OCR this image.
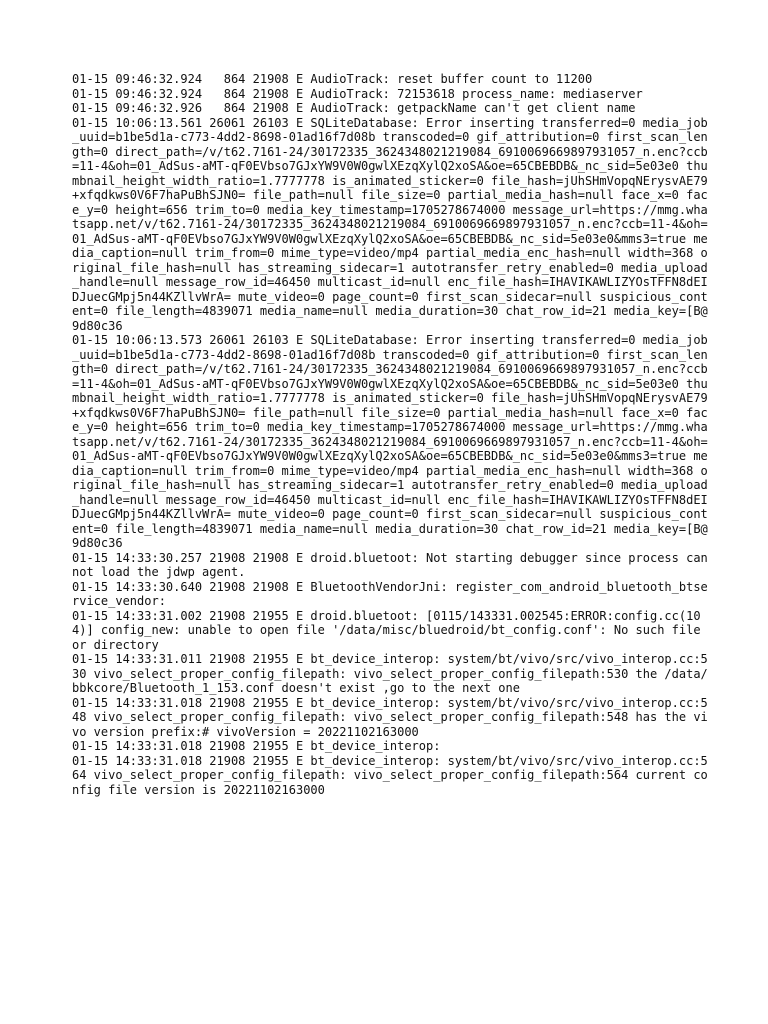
01-15 09:46:32.924   864 21908 E AudioTrack: reset buffer count to 11200

01-15 09:46:32.924   864 21908 E AudioTrack: 72153618 process_name: mediaserver

01-15 09:46:32.926   864 21908 E AudioTrack: getpackName can't get client name

01-15 10:06:13.561 26061 26103 E SQLiteDatabase: Error inserting transferred=0 media_job_uuid=b1be5d1a-c773-4dd2-8698-01ad16f7d08b transcoded=0 gif_attribution=0 first_scan_length=0 direct_path=/v/t62.7161-24/30172335_3624348021219084_6910069669897931057_n.enc?ccb=11-4&oh=01_AdSus-aMT-qF0EVbso7GJxYW9V0W0gwlXEzqXylQ2xoSA&oe=65CBEBDB&_nc_sid=5e03e0 thumbnail_height_width_ratio=1.7777778 is_animated_sticker=0 file_hash=jUhSHmVopqNErysvAE79+xfqdkws0V6F7haPuBhSJN0= file_path=null file_size=0 partial_media_hash=null face_x=0 face_y=0 height=656 trim_to=0 media_key_timestamp=1705278674000 message_url=https://mmg.whatsapp.net/v/t62.7161-24/30172335_3624348021219084_6910069669897931057_n.enc?ccb=11-4&oh=01_AdSus-aMT-qF0EVbso7GJxYW9V0W0gwlXEzqXylQ2xoSA&oe=65CBEBDB&_nc_sid=5e03e0&mms3=true media_caption=null trim_from=0 mime_type=video/mp4 partial_media_enc_hash=null width=368 original_file_hash=null has_streaming_sidecar=1 autotransfer_retry_enabled=0 media_upload_handle=null message_row_id=46450 multicast_id=null enc_file_hash=IHAVIKAWLIZYOsTFFN8dEIDJuecGMpj5n44KZllvWrA= mute_video=0 page_count=0 first_scan_sidecar=null suspicious_content=0 file_length=4839071 media_name=null media_duration=30 chat_row_id=21 media_key=[B@9d80c36

01-15 10:06:13.573 26061 26103 E SQLiteDatabase: Error inserting transferred=0 media_job_uuid=b1be5d1a-c773-4dd2-8698-01ad16f7d08b transcoded=0 gif_attribution=0 first_scan_length=0 direct_path=/v/t62.7161-24/30172335_3624348021219084_6910069669897931057_n.enc?ccb=11-4&oh=01_AdSus-aMT-qF0EVbso7GJxYW9V0W0gwlXEzqXylQ2xoSA&oe=65CBEBDB&_nc_sid=5e03e0 thumbnail_height_width_ratio=1.7777778 is_animated_sticker=0 file_hash=jUhSHmVopqNErysvAE79+xfqdkws0V6F7haPuBhSJN0= file_path=null file_size=0 partial_media_hash=null face_x=0 face_y=0 height=656 trim_to=0 media_key_timestamp=1705278674000 message_url=https://mmg.whatsapp.net/v/t62.7161-24/30172335_3624348021219084_6910069669897931057_n.enc?ccb=11-4&oh=01_AdSus-aMT-qF0EVbso7GJxYW9V0W0gwlXEzqXylQ2xoSA&oe=65CBEBDB&_nc_sid=5e03e0&mms3=true media_caption=null trim_from=0 mime_type=video/mp4 partial_media_enc_hash=null width=368 original_file_hash=null has_streaming_sidecar=1 autotransfer_retry_enabled=0 media_upload_handle=null message_row_id=46450 multicast_id=null enc_file_hash=IHAVIKAWLIZYOsTFFN8dEIDJuecGMpj5n44KZllvWrA= mute_video=0 page_count=0 first_scan_sidecar=null suspicious_content=0 file_length=4839071 media_name=null media_duration=30 chat_row_id=21 media_key=[B@9d80c36

01-15 14:33:30.257 21908 21908 E droid.bluetoot: Not starting debugger since process cannot load the jdwp agent.

01-15 14:33:30.640 21908 21908 E BluetoothVendorJni: register_com_android_bluetooth_btservice_vendor:

01-15 14:33:31.002 21908 21955 E droid.bluetoot: [0115/143331.002545:ERROR:config.cc(104)] config_new: unable to open file '/data/misc/bluedroid/bt_config.conf': No such file or directory

01-15 14:33:31.011 21908 21955 E bt_device_interop: system/bt/vivo/src/vivo_interop.cc:530 vivo_select_proper_config_filepath: vivo_select_proper_config_filepath:530 the /data/bbkcore/Bluetooth_1_153.conf doesn't exist ,go to the next one

01-15 14:33:31.018 21908 21955 E bt_device_interop: system/bt/vivo/src/vivo_interop.cc:548 vivo_select_proper_config_filepath: vivo_select_proper_config_filepath:548 has the vivo version prefix:# vivoVersion = 20221102163000

01-15 14:33:31.018 21908 21955 E bt_device_interop:

01-15 14:33:31.018 21908 21955 E bt_device_interop: system/bt/vivo/src/vivo_interop.cc:564 vivo_select_proper_config_filepath: vivo_select_proper_config_filepath:564 current config file version is 20221102163000
